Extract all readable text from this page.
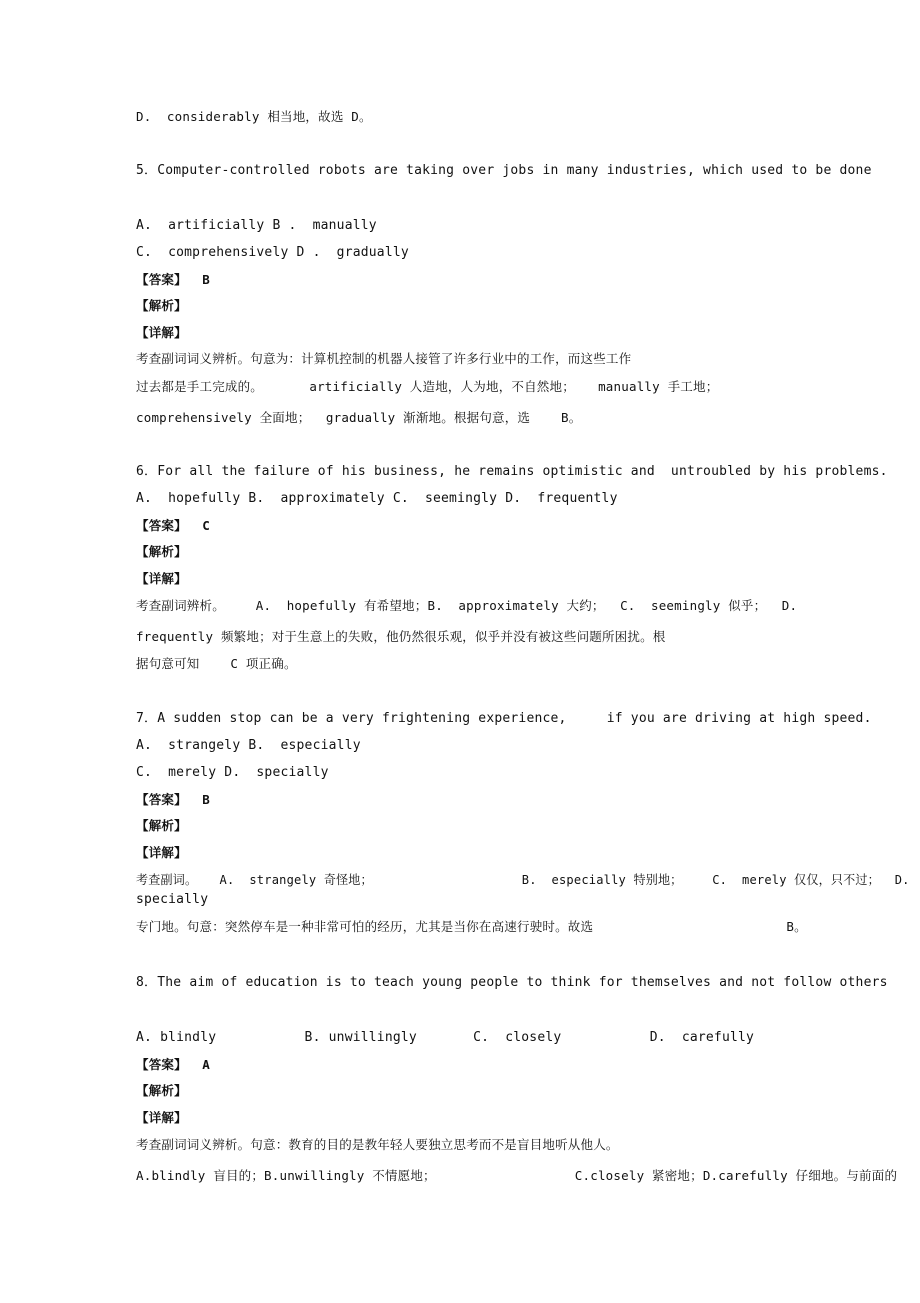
D.  considerably 相当地，故选 D。
5．Computer-controlled robots are taking over jobs in many industries, which used to be done
A.  artificially B .  manually
C.  comprehensively D .  gradually
【答案】  B
【解析】
【详解】
考查副词词义辨析。句意为：计算机控制的机器人接管了许多行业中的工作，而这些工作
过去都是手工完成的。      artificially 人造地，人为地，不自然地；   manually 手工地；
comprehensively 全面地；  gradually 渐渐地。根据句意，选    B。
6．For all the failure of his business, he remains optimistic and  untroubled by his problems.
A.  hopefully B.  approximately C.  seemingly D.  frequently
【答案】  C
【解析】
【详解】
考查副词辨析。    A.  hopefully 有希望地；B.  approximately 大约；  C.  seemingly 似乎；  D.
frequently 频繁地；对于生意上的失败，他仍然很乐观，似乎并没有被这些问题所困扰。根
据句意可知    C 项正确。
7．A sudden stop can be a very frightening experience,     if you are driving at high speed.
A.  strangely B.  especially
C.  merely D.  specially
【答案】  B
【解析】
【详解】
考查副词。   A.  strangely 奇怪地；                    B.  especially 特别地；    C.  merely 仅仅，只不过；  D.
specially
专门地。句意：突然停车是一种非常可怕的经历，尤其是当你在高速行驶时。故选                         B。
8．The aim of education is to teach young people to think for themselves and not follow others
A. blindly           B. unwillingly       C.  closely           D.  carefully
【答案】  A
【解析】
【详解】
考查副词词义辨析。句意：教育的目的是教年轻人要独立思考而不是盲目地听从他人。
A.blindly 盲目的；B.unwillingly 不情愿地；                  C.closely 紧密地；D.carefully 仔细地。与前面的
